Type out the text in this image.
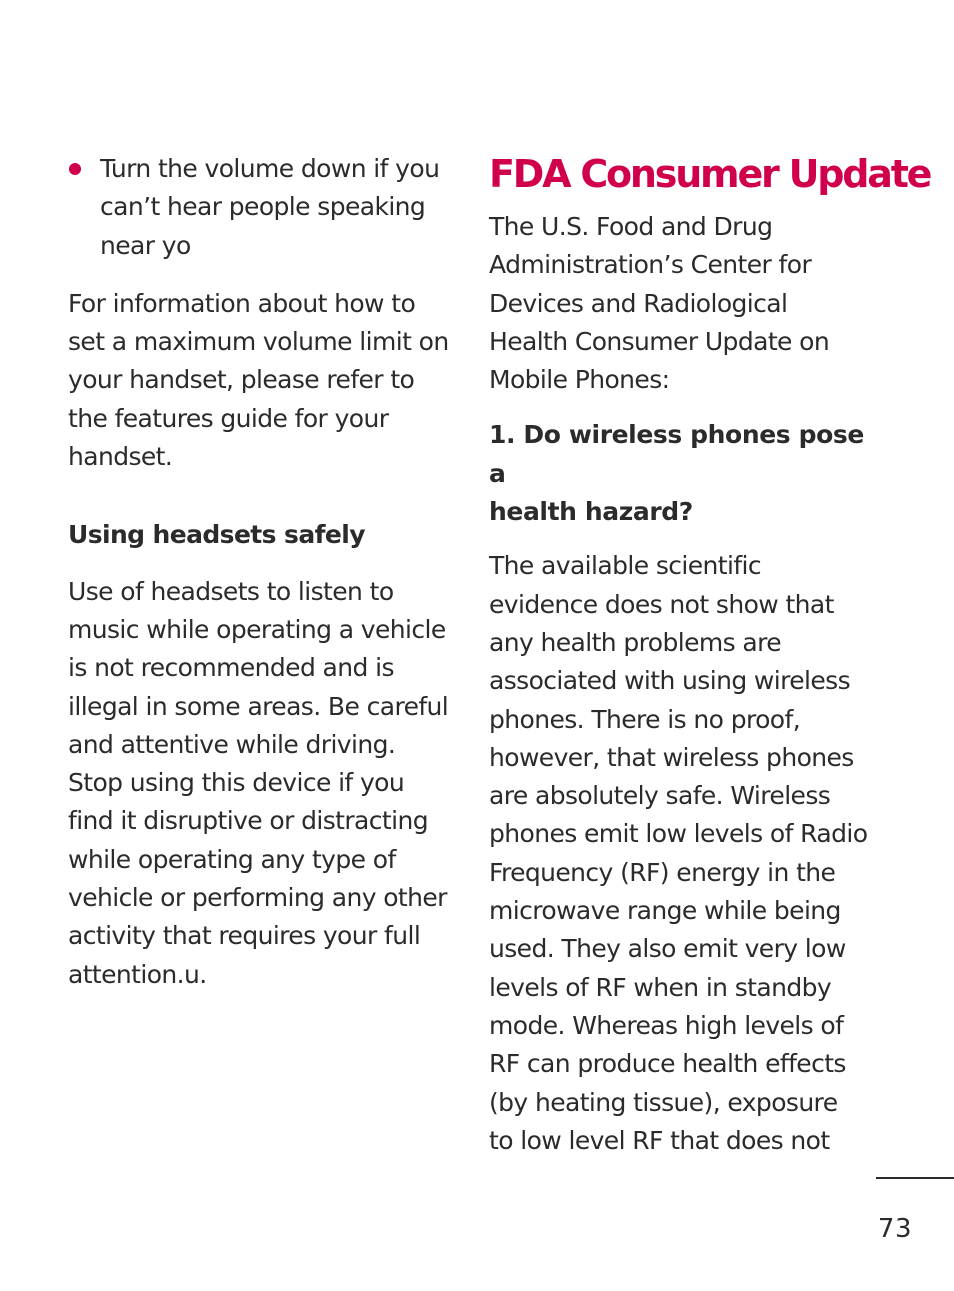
Turn the volume down if you
can’t hear people speaking
near yo

For information about how to
set a maximum volume limit on
your handset, please refer to
the features guide for your
handset.

Using headsets safely

Use of headsets to listen to
music while operating a vehicle
is not recommended and is
illegal in some areas. Be careful
and attentive while driving.
Stop using this device if you
find it disruptive or distracting
while operating any type of
vehicle or performing any other
activity that requires your full
attention.u.

FDA Consumer Update

The U.S. Food and Drug
Administration’s Center for
Devices and Radiological
Health Consumer Update on
Mobile Phones:

1. Do wireless phones pose a
health hazard?

The available scientific
evidence does not show that
any health problems are
associated with using wireless
phones. There is no proof,
however, that wireless phones
are absolutely safe. Wireless
phones emit low levels of Radio
Frequency (RF) energy in the
microwave range while being
used. They also emit very low
levels of RF when in standby
mode. Whereas high levels of
RF can produce health effects
(by heating tissue), exposure
to low level RF that does not

73
